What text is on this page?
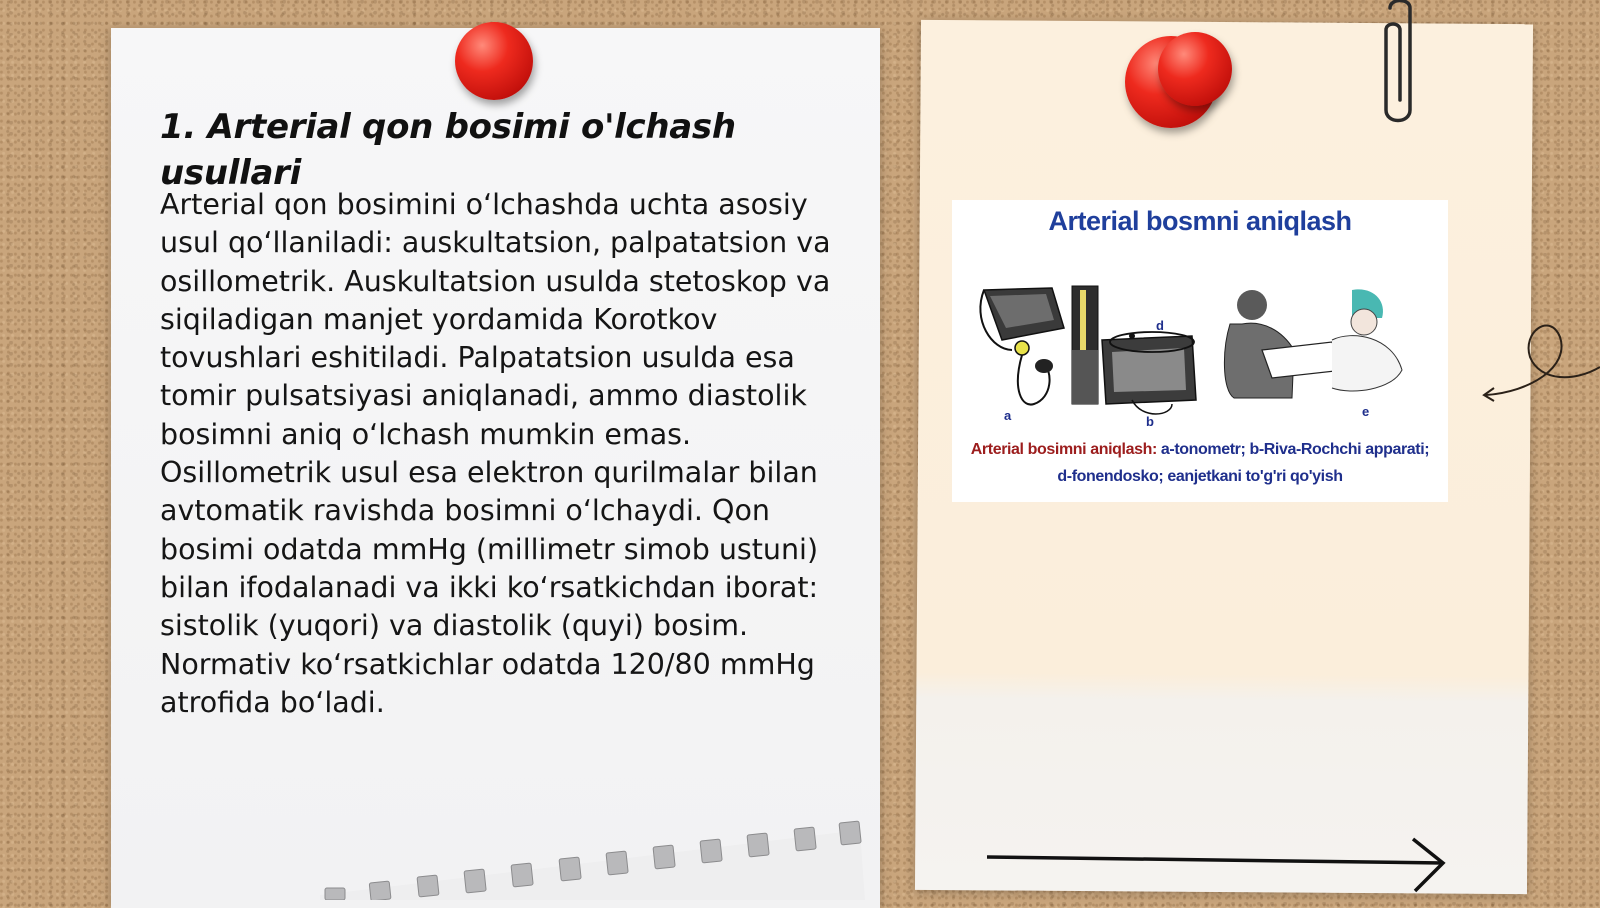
1. Arterial qon bosimi o'lchash usullari

Arterial qon bosimini oʻlchashda uchta asosiy usul qoʻllaniladi: auskultatsion, palpatatsion va osillometrik. Auskultatsion usulda stetoskop va siqiladigan manjet yordamida Korotkov tovushlari eshitiladi. Palpatatsion usulda esa tomir pulsatsiyasi aniqlanadi, ammo diastolik bosimni aniq oʻlchash mumkin emas. Osillometrik usul esa elektron qurilmalar bilan avtomatik ravishda bosimni oʻlchaydi. Qon bosimi odatda mmHg (millimetr simob ustuni) bilan ifodalanadi va ikki koʻrsatkichdan iborat: sistolik (yuqori) va diastolik (quyi) bosim. Normativ koʻrsatkichlar odatda 120/80 mmHg atrofida boʻladi.

Arterial bosmni aniqlash
a	b
d
e
Arterial bosimni aniqlash: a-tonometr; b-Riva-Rochchi apparati;
d-fonendosko; eanjetkani to'g'ri qo'yish
